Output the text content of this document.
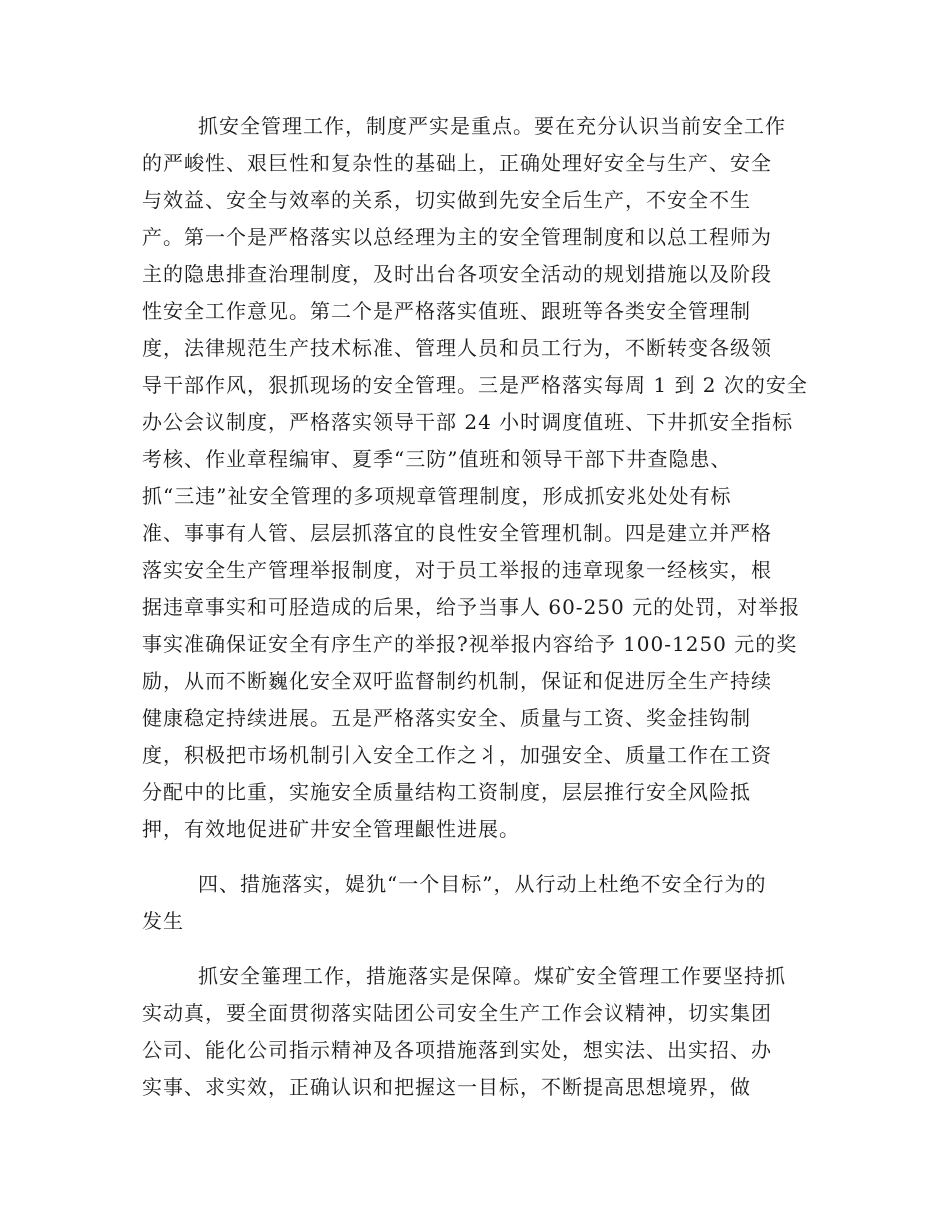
抓安全管理工作，制度严实是重点。要在充分认识当前安全工作
的严峻性、艰巨性和复杂性的基础上，正确处理好安全与生产、安全
与效益、安全与效率的关系，切实做到先安全后生产，不安全不生
产。第一个是严格落实以总经理为主的安全管理制度和以总工程师为
主的隐患排查治理制度，及时出台各项安全活动的规划措施以及阶段
性安全工作意见。第二个是严格落实值班、跟班等各类安全管理制
度，法律规范生产技术标准、管理人员和员工行为，不断转变各级领
导干部作风，狠抓现场的安全管理。三是严格落实每周 1 到 2 次的安全
办公会议制度，严格落实领导干部 24 小时调度值班、下井抓安全指标
考核、作业章程编审、夏季“三防”值班和领导干部下井查隐患、
抓“三违”祉安全管理的多项规章管理制度，形成抓安兆处处有标
准、事事有人管、层层抓落宜的良性安全管理机制。四是建立并严格
落实安全生产管理举报制度，对于员工举报的违章现象一经核实，根
据违章事实和可胫造成的后果，给予当事人 60-250 元的处罚，对举报
事实准确保证安全有序生产的举报?视举报内容给予 100-1250 元的奖
励，从而不断巍化安全双吁监督制约机制，保证和促进厉全生产持续
健康稳定持续进展。五是严格落实安全、质量与工资、奖金挂钩制
度，积极把市场机制引入安全工作之丬，加强安全、质量工作在工资
分配中的比重，实施安全质量结构工资制度，层层推行安全风险抵
押，有效地促进矿井安全管理齦性进展。
四、措施落实，媞犰“一个目标”，从行动上杜绝不安全行为的
发生
抓安全箠理工作，措施落实是保障。煤矿安全管理工作要坚持抓
实动真，要全面贯彻落实陆团公司安全生产工作会议精神，切实集团
公司、能化公司指示精神及各项措施落到实处，想实法、出实招、办
实事、求实效，正确认识和把握这一目标，不断提高思想境界，做
